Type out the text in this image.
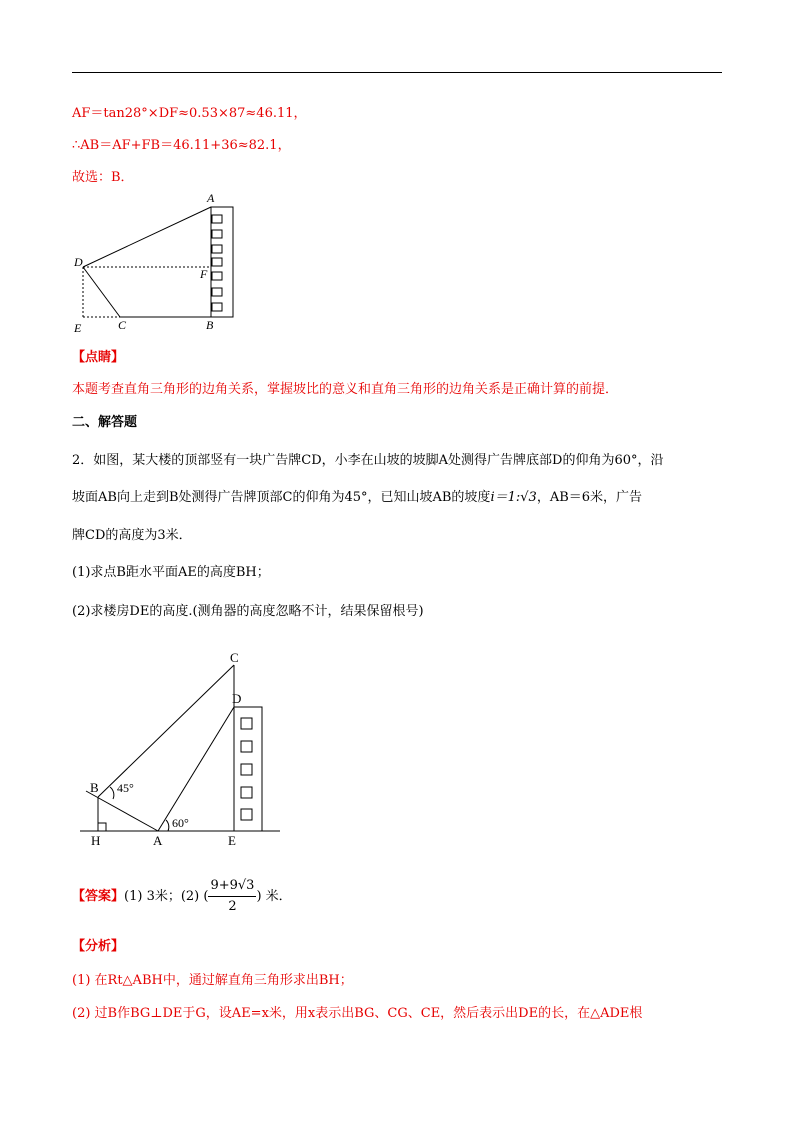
AF＝tan28°×DF≈0.53×87≈46.11，
∴AB＝AF+FB＝46.11+36≈82.1，
故选：B．
A
D
F
E	C	B
【点睛】
本题考查直角三角形的边角关系，掌握坡比的意义和直角三角形的边角关系是正确计算的前提．
二、解答题
2．如图，某大楼的顶部竖有一块广告牌CD，小李在山坡的坡脚A处测得广告牌底部D的仰角为60°，沿
坡面AB向上走到B处测得广告牌顶部C的仰角为45°，已知山坡AB的坡度i＝1:√3，AB＝6米，广告
牌CD的高度为3米．
(1)求点B距水平面AE的高度BH；
(2)求楼房DE的高度.(测角器的高度忽略不计，结果保留根号)
C
D
B
H	A	E
45°
60°
【答案】(1) 3米；(2) ( $\frac{9+9√3}{2}$ ) 米．
【分析】
(1) 在Rt△ABH中，通过解直角三角形求出BH；
(2) 过B作BG⊥DE于G，设AE=x米，用x表示出BG、CG、CE，然后表示出DE的长，在△ADE根
